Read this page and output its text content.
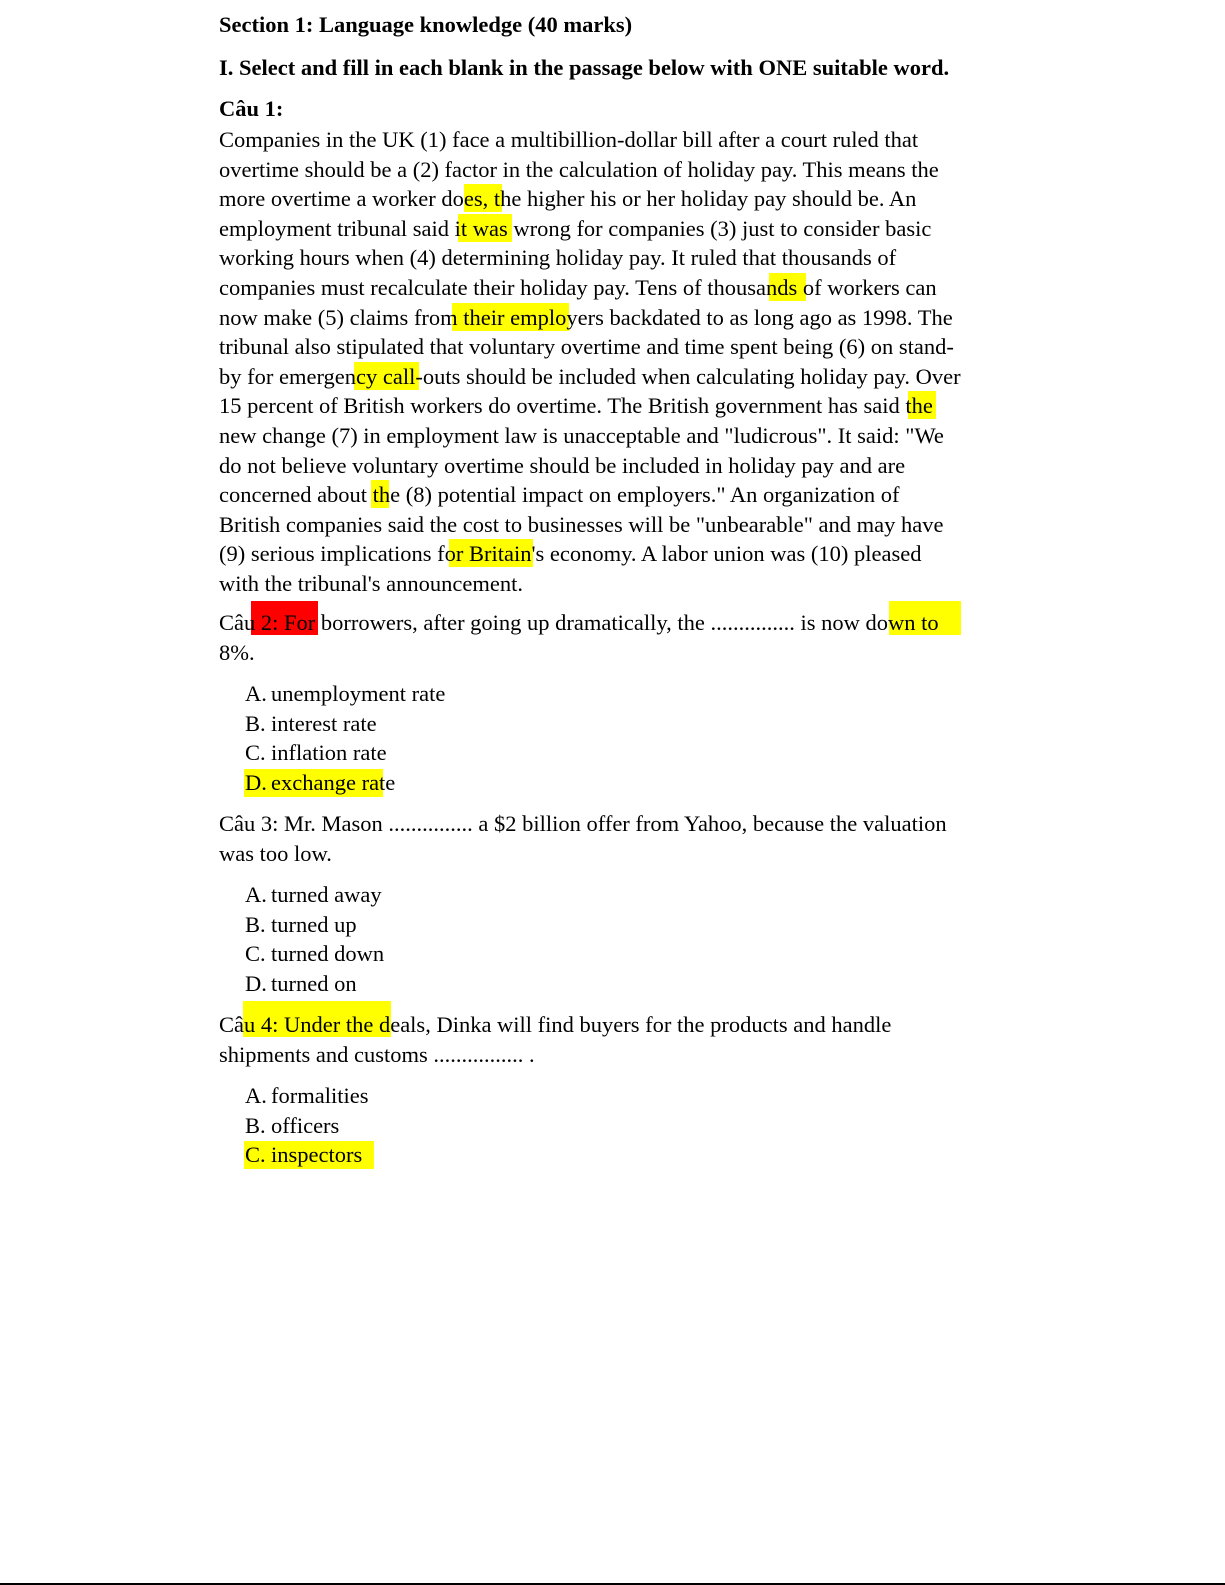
Section 1: Language knowledge (40 marks)
I. Select and fill in each blank in the passage below with ONE suitable word.
Câu 1:
Companies in the UK (1) face a multibillion-dollar bill after a court ruled that
overtime should be a (2) factor in the calculation of holiday pay. This means the
more overtime a worker does, the higher his or her holiday pay should be. An
employment tribunal said it was wrong for companies (3) just to consider basic
working hours when (4) determining holiday pay. It ruled that thousands of
companies must recalculate their holiday pay. Tens of thousands of workers can
now make (5) claims from their employers backdated to as long ago as 1998. The
tribunal also stipulated that voluntary overtime and time spent being (6) on stand-
by for emergency call-outs should be included when calculating holiday pay. Over
15 percent of British workers do overtime. The British government has said the
new change (7) in employment law is unacceptable and "ludicrous". It said: "We
do not believe voluntary overtime should be included in holiday pay and are
concerned about the (8) potential impact on employers." An organization of
British companies said the cost to businesses will be "unbearable" and may have
(9) serious implications for Britain's economy. A labor union was (10) pleased
with the tribunal's announcement.
Câu 2: For borrowers, after going up dramatically, the ............... is now down to
8%.
A. unemployment rate
B. interest rate
C. inflation rate
D. exchange rate
Câu 3: Mr. Mason ............... a $2 billion offer from Yahoo, because the valuation
was too low.
A. turned away
B. turned up
C. turned down
D. turned on
Câu 4: Under the deals, Dinka will find buyers for the products and handle
shipments and customs ................ .
A. formalities
B. officers
C. inspectors
